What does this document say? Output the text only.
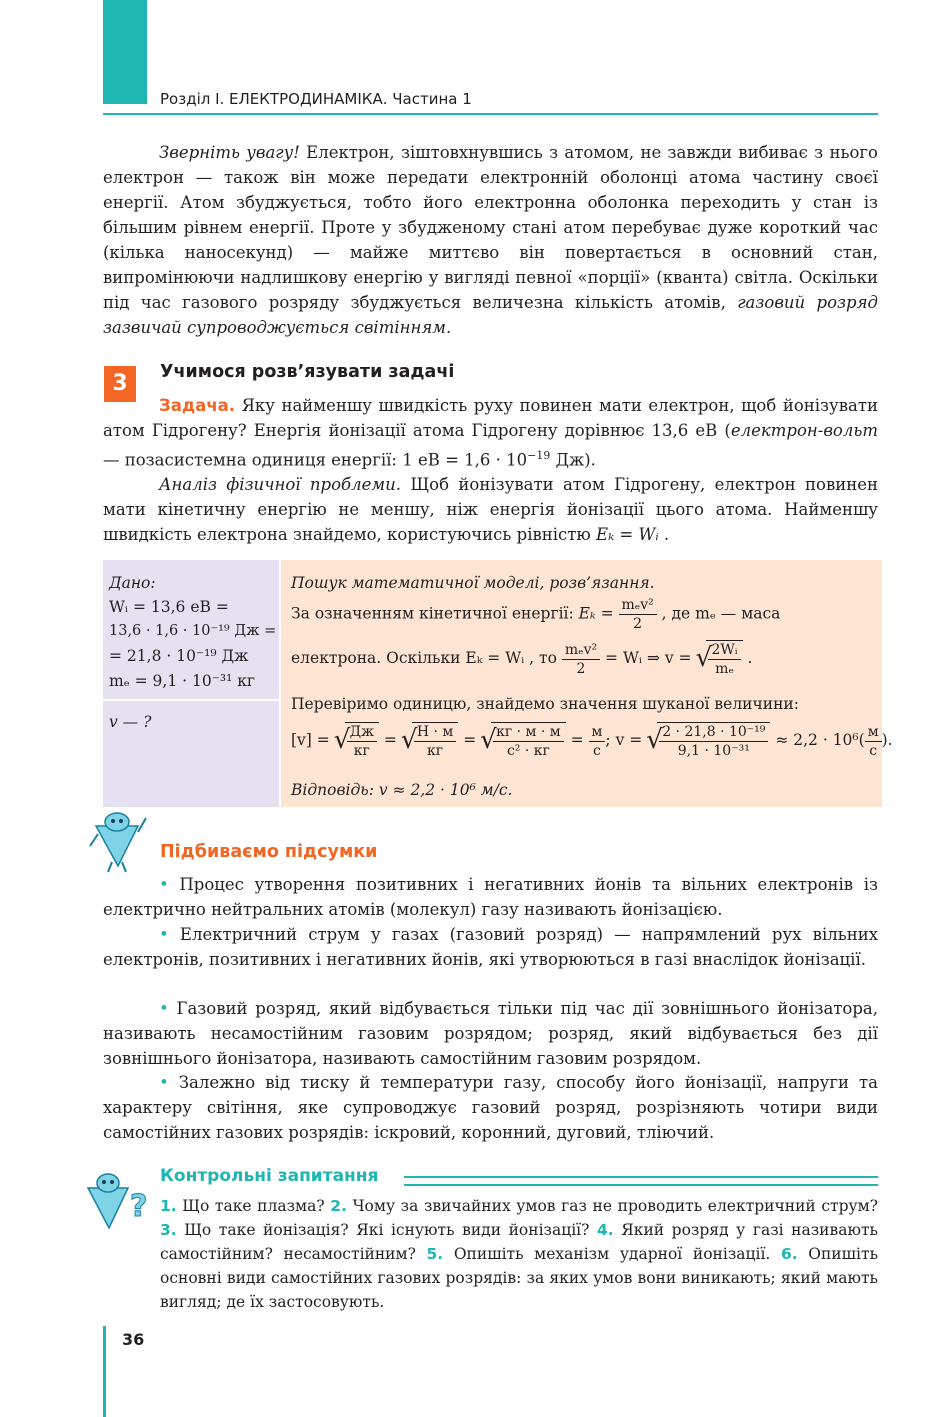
Розділ І. ЕЛЕКТРОДИНАМІКА. Частина 1
Зверніть увагу! Електрон, зіштовхнувшись з атомом, не завжди вибиває з нього електрон — також він може передати електронній оболонці атома частину своєї енергії. Атом збуджується, тобто його електронна оболонка переходить у стан із більшим рівнем енергії. Проте у збудженому стані атом перебуває дуже короткий час (кілька наносекунд) — майже миттєво він повертається в основний стан, випромінюючи надлишкову енергію у вигляді певної «порції» (кванта) світла. Оскільки під час газового розряду збуджується величезна кількість атомів, газовий розряд зазвичай супроводжується світінням.
3	Учимося розв’язувати задачі
Задача. Яку найменшу швидкість руху повинен мати електрон, щоб йонізувати атом Гідрогену? Енергія йонізації атома Гідрогену дорівнює 13,6 еВ (електрон-вольт — позасистемна одиниця енергії: 1 еВ = $1,6 \cdot 10^{-19}$ Дж).
Аналіз фізичної проблеми. Щоб йонізувати атом Гідрогену, електрон повинен мати кінетичну енергію не меншу, ніж енергія йонізації цього атома. Найменшу швидкість електрона знайдемо, користуючись рівністю Eₖ = Wᵢ .
Дано:
Wᵢ = 13,6 еВ =
13,6 · 1,6 · 10⁻¹⁹ Дж =
= 21,8 · 10⁻¹⁹ Дж
mₑ = 9,1 · 10⁻³¹ кг
v — ?
Пошук математичної моделі, розв’язання.
За означенням кінетичної енергії: $E_k = \frac{\text{mₑv²}}{2}$ , де mₑ — маса
електрона. Оскільки Eₖ = Wᵢ , то $\frac{\text{mₑv²}}{2}$ = Wᵢ ⇒ v = √ $\frac{\text{2Wᵢ}}{\text{mₑ}}$ .
Перевіримо одиницю, знайдемо значення шуканої величини:
[v] = √ $\frac{Дж}{кг}$ = √ $\frac{Н \cdot м}{кг}$ = √ $\frac{кг \cdot м \cdot м}{\text{с² · кг}} = \frac{м}{с}$ ; v = √ $\frac{\text{2 · 21,8 · 10⁻¹⁹}}{\text{9,1 · 10⁻³¹}} \approx 2,2 \cdot 10^6( \frac{м}{с}$ ).
Відповідь: v ≈ 2,2 · 10⁶ м/с.
Підбиваємо підсумки
• Процес утворення позитивних і негативних йонів та вільних електронів із електрично нейтральних атомів (молекул) газу називають йонізацією.
• Електричний струм у газах (газовий розряд) — напрямлений рух вільних електронів, позитивних і негативних йонів, які утворюються в газі внаслідок йонізації.
• Газовий розряд, який відбувається тільки під час дії зовнішнього йонізатора, називають несамостійним газовим розрядом; розряд, який відбувається без дії зовнішнього йонізатора, називають самостійним газовим розрядом.
• Залежно від тиску й температури газу, способу його йонізації, напруги та характеру світіння, яке супроводжує газовий розряд, розрізняють чотири види самостійних газових розрядів: іскровий, коронний, дуговий, тліючий.
?
Контрольні запитання
1. Що таке плазма? 2. Чому за звичайних умов газ не проводить електричний струм? 3. Що таке йонізація? Які існують види йонізації? 4. Який розряд у газі називають самостійним? несамостійним? 5. Опишіть механізм ударної йонізації. 6. Опишіть основні види самостійних газових розрядів: за яких умов вони виникають; який мають вигляд; де їх застосовують.
36
